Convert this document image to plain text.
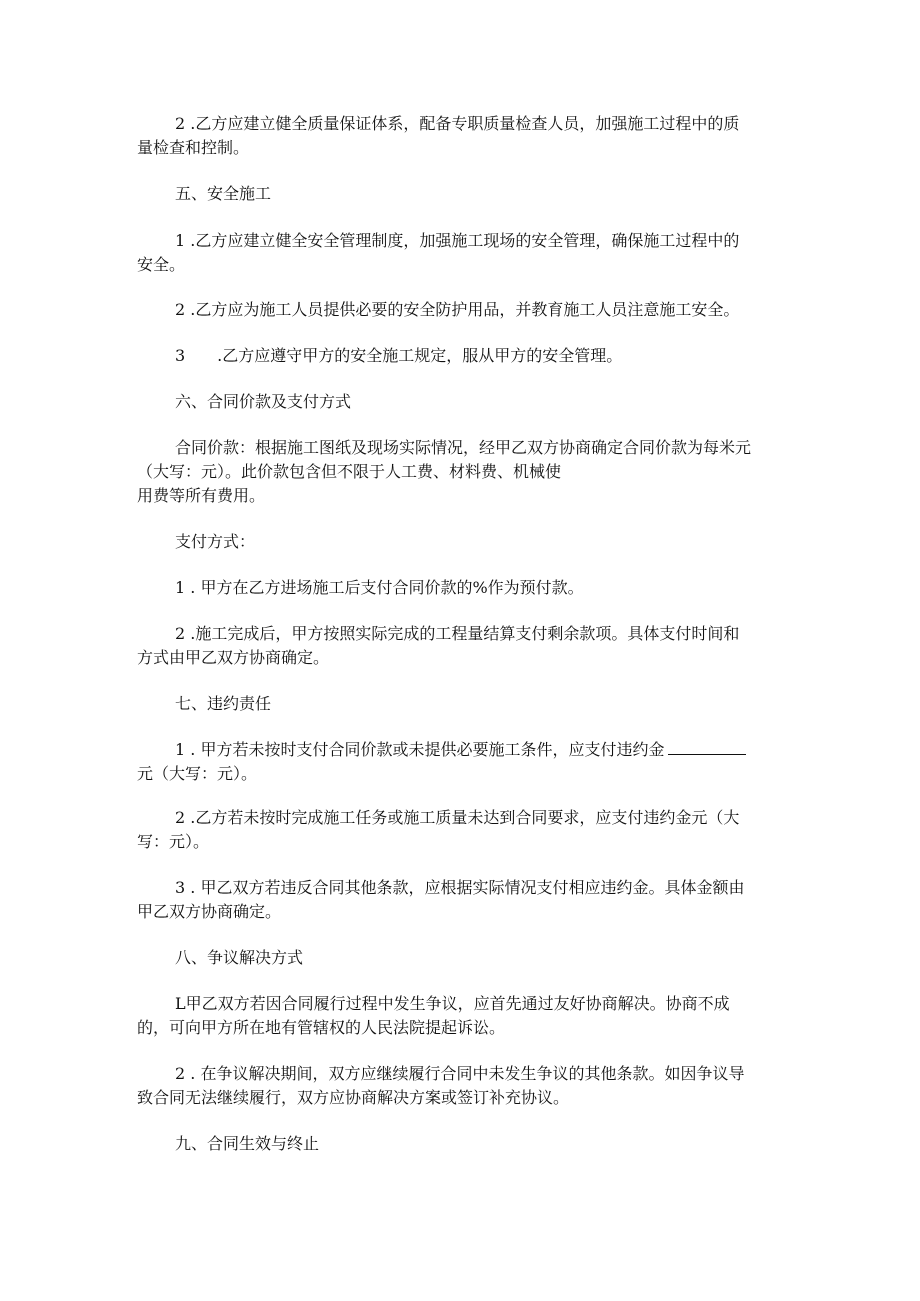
2 .乙方应建立健全质量保证体系，配备专职质量检查人员，加强施工过程中的质
量检查和控制。
五、安全施工
1 .乙方应建立健全安全管理制度，加强施工现场的安全管理，确保施工过程中的
安全。
2 .乙方应为施工人员提供必要的安全防护用品，并教育施工人员注意施工安全。
3　　.乙方应遵守甲方的安全施工规定，服从甲方的安全管理。
六、合同价款及支付方式
合同价款：根据施工图纸及现场实际情况，经甲乙双方协商确定合同价款为每米元
（大写：元）。此价款包含但不限于人工费、材料费、机械使
用费等所有费用。
支付方式：
1 . 甲方在乙方进场施工后支付合同价款的%作为预付款。
2 .施工完成后，甲方按照实际完成的工程量结算支付剩余款项。具体支付时间和
方式由甲乙双方协商确定。
七、违约责任
1 . 甲方若未按时支付合同价款或未提供必要施工条件，应支付违约金
元（大写：元）。
2 .乙方若未按时完成施工任务或施工质量未达到合同要求，应支付违约金元（大
写：元）。
3 . 甲乙双方若违反合同其他条款，应根据实际情况支付相应违约金。具体金额由
甲乙双方协商确定。
八、争议解决方式
L甲乙双方若因合同履行过程中发生争议，应首先通过友好协商解决。协商不成
的，可向甲方所在地有管辖权的人民法院提起诉讼。
2 . 在争议解决期间，双方应继续履行合同中未发生争议的其他条款。如因争议导
致合同无法继续履行，双方应协商解决方案或签订补充协议。
九、合同生效与终止
